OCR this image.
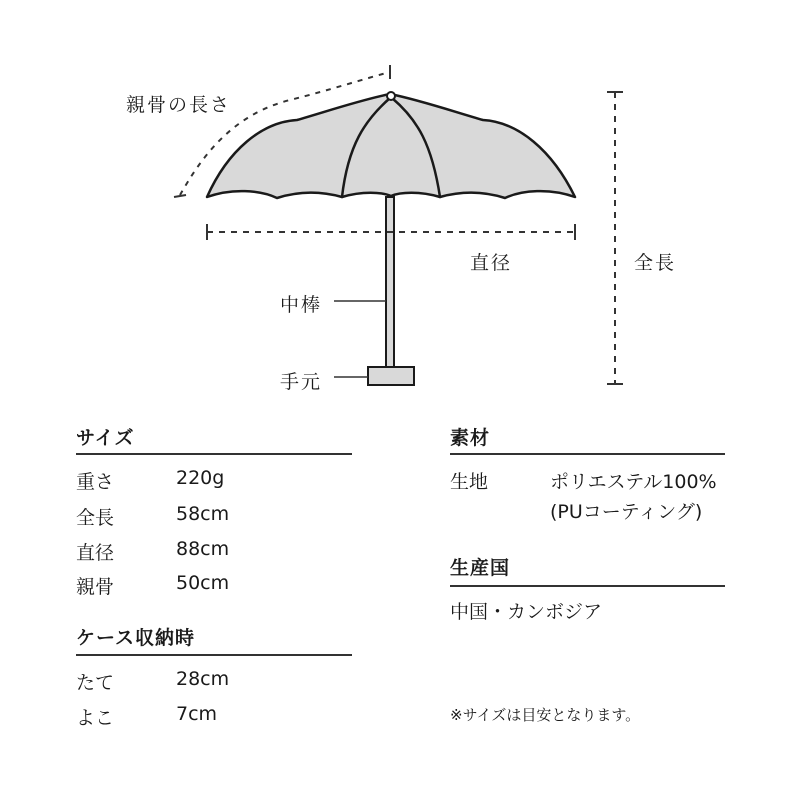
親骨の長さ
直径	全長
中棒
手元
サイズ
重さ	220g
全長	58cm
直径	88cm
親骨	50cm
ケース収納時
たて	28cm
よこ	7cm
素材
生地	ポリエステル100%
(PUコーティング)
生産国
中国・カンボジア
※サイズは目安となります。
